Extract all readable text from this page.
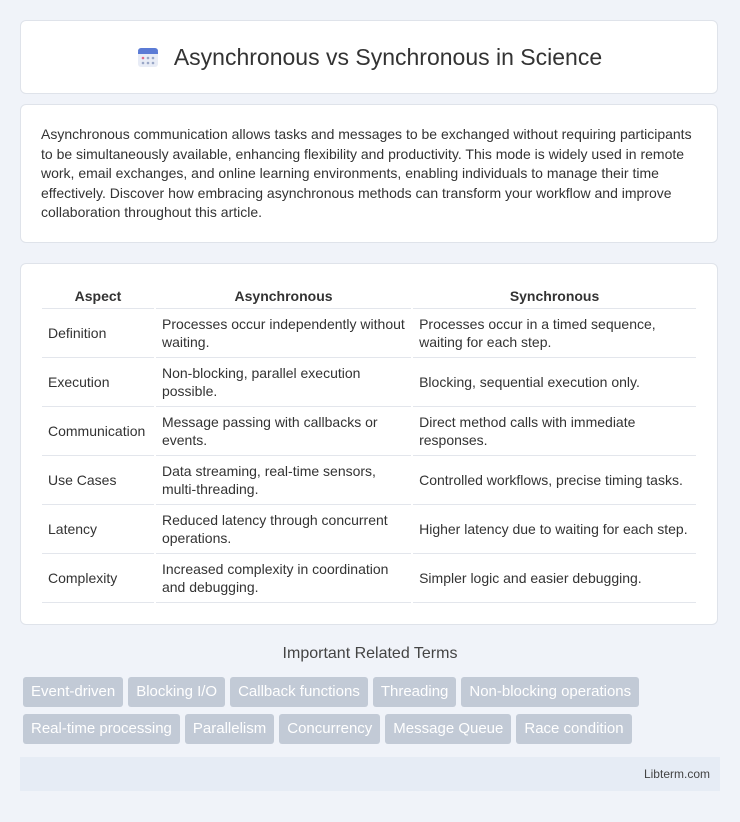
Asynchronous vs Synchronous in Science

Asynchronous communication allows tasks and messages to be exchanged without requiring participants to be simultaneously available, enhancing flexibility and productivity. This mode is widely used in remote work, email exchanges, and online learning environments, enabling individuals to manage their time effectively. Discover how embracing asynchronous methods can transform your workflow and improve collaboration throughout this article.

Aspect	Asynchronous	Synchronous
Definition	Processes occur independently without waiting.	Processes occur in a timed sequence, waiting for each step.
Execution	Non-blocking, parallel execution possible.	Blocking, sequential execution only.
Communication	Message passing with callbacks or events.	Direct method calls with immediate responses.
Use Cases	Data streaming, real-time sensors, multi-threading.	Controlled workflows, precise timing tasks.
Latency	Reduced latency through concurrent operations.	Higher latency due to waiting for each step.
Complexity	Increased complexity in coordination and debugging.	Simpler logic and easier debugging.
Important Related Terms
Event-driven Blocking I/O Callback functions Threading Non-blocking operations
Real-time processing Parallelism Concurrency Message Queue Race condition
Libterm.com
